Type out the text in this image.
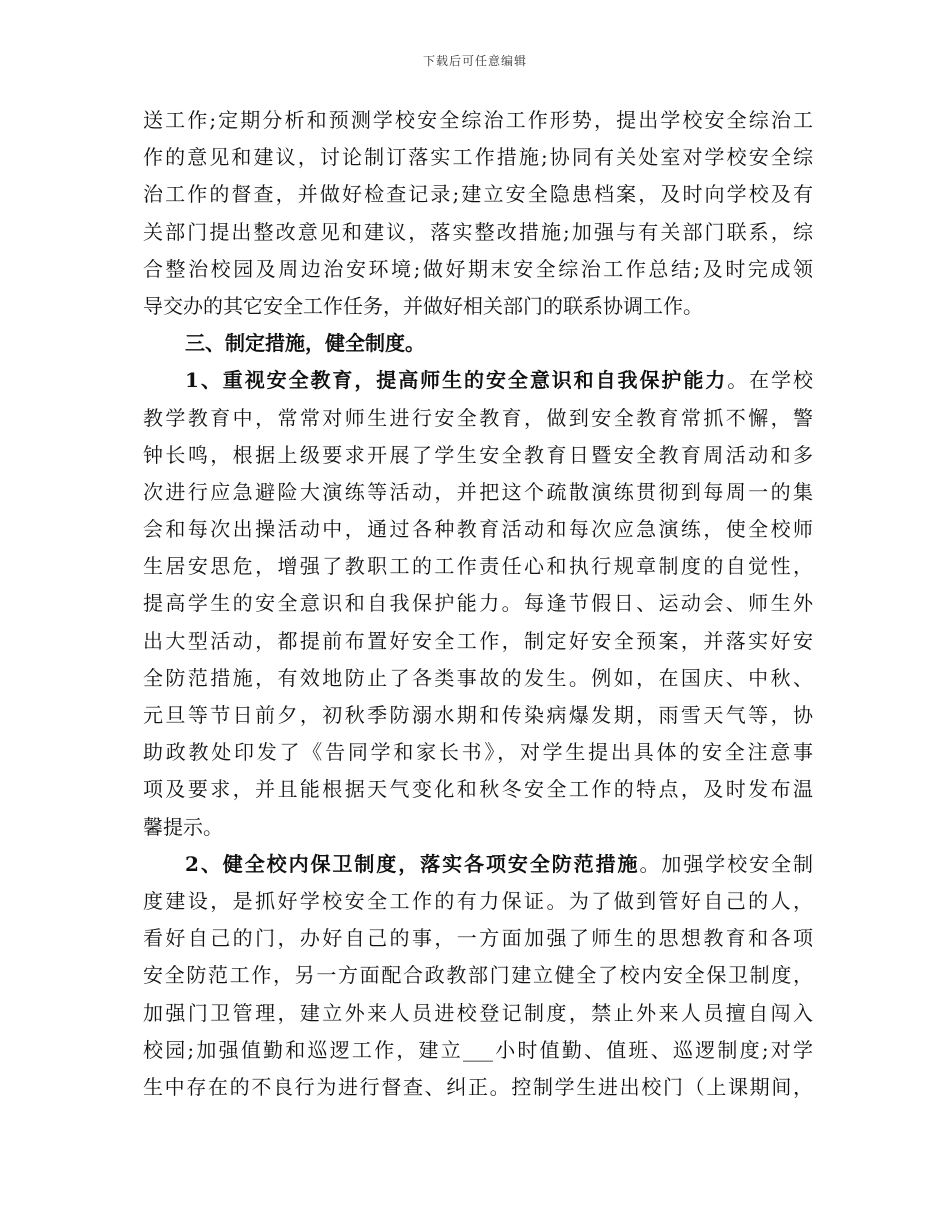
下载后可任意编辑
送工作;定期分析和预测学校安全综治工作形势，提出学校安全综治工
作的意见和建议，讨论制订落实工作措施;协同有关处室对学校安全综
治工作的督查，并做好检查记录;建立安全隐患档案，及时向学校及有
关部门提出整改意见和建议，落实整改措施;加强与有关部门联系，综
合整治校园及周边治安环境;做好期末安全综治工作总结;及时完成领
导交办的其它安全工作任务，并做好相关部门的联系协调工作。
三、制定措施，健全制度。
1、重视安全教育，提高师生的安全意识和自我保护能力。在学校
教学教育中，常常对师生进行安全教育，做到安全教育常抓不懈，警
钟长鸣，根据上级要求开展了学生安全教育日暨安全教育周活动和多
次进行应急避险大演练等活动，并把这个疏散演练贯彻到每周一的集
会和每次出操活动中，通过各种教育活动和每次应急演练，使全校师
生居安思危，增强了教职工的工作责任心和执行规章制度的自觉性，
提高学生的安全意识和自我保护能力。每逢节假日、运动会、师生外
出大型活动，都提前布置好安全工作，制定好安全预案，并落实好安
全防范措施，有效地防止了各类事故的发生。例如，在国庆、中秋、
元旦等节日前夕，初秋季防溺水期和传染病爆发期，雨雪天气等，协
助政教处印发了《告同学和家长书》，对学生提出具体的安全注意事
项及要求，并且能根据天气变化和秋冬安全工作的特点，及时发布温
馨提示。
2、健全校内保卫制度，落实各项安全防范措施。加强学校安全制
度建设，是抓好学校安全工作的有力保证。为了做到管好自己的人，
看好自己的门，办好自己的事，一方面加强了师生的思想教育和各项
安全防范工作，另一方面配合政教部门建立健全了校内安全保卫制度，
加强门卫管理，建立外来人员进校登记制度，禁止外来人员擅自闯入
校园;加强值勤和巡逻工作，建立___小时值勤、值班、巡逻制度;对学
生中存在的不良行为进行督查、纠正。控制学生进出校门（上课期间，
